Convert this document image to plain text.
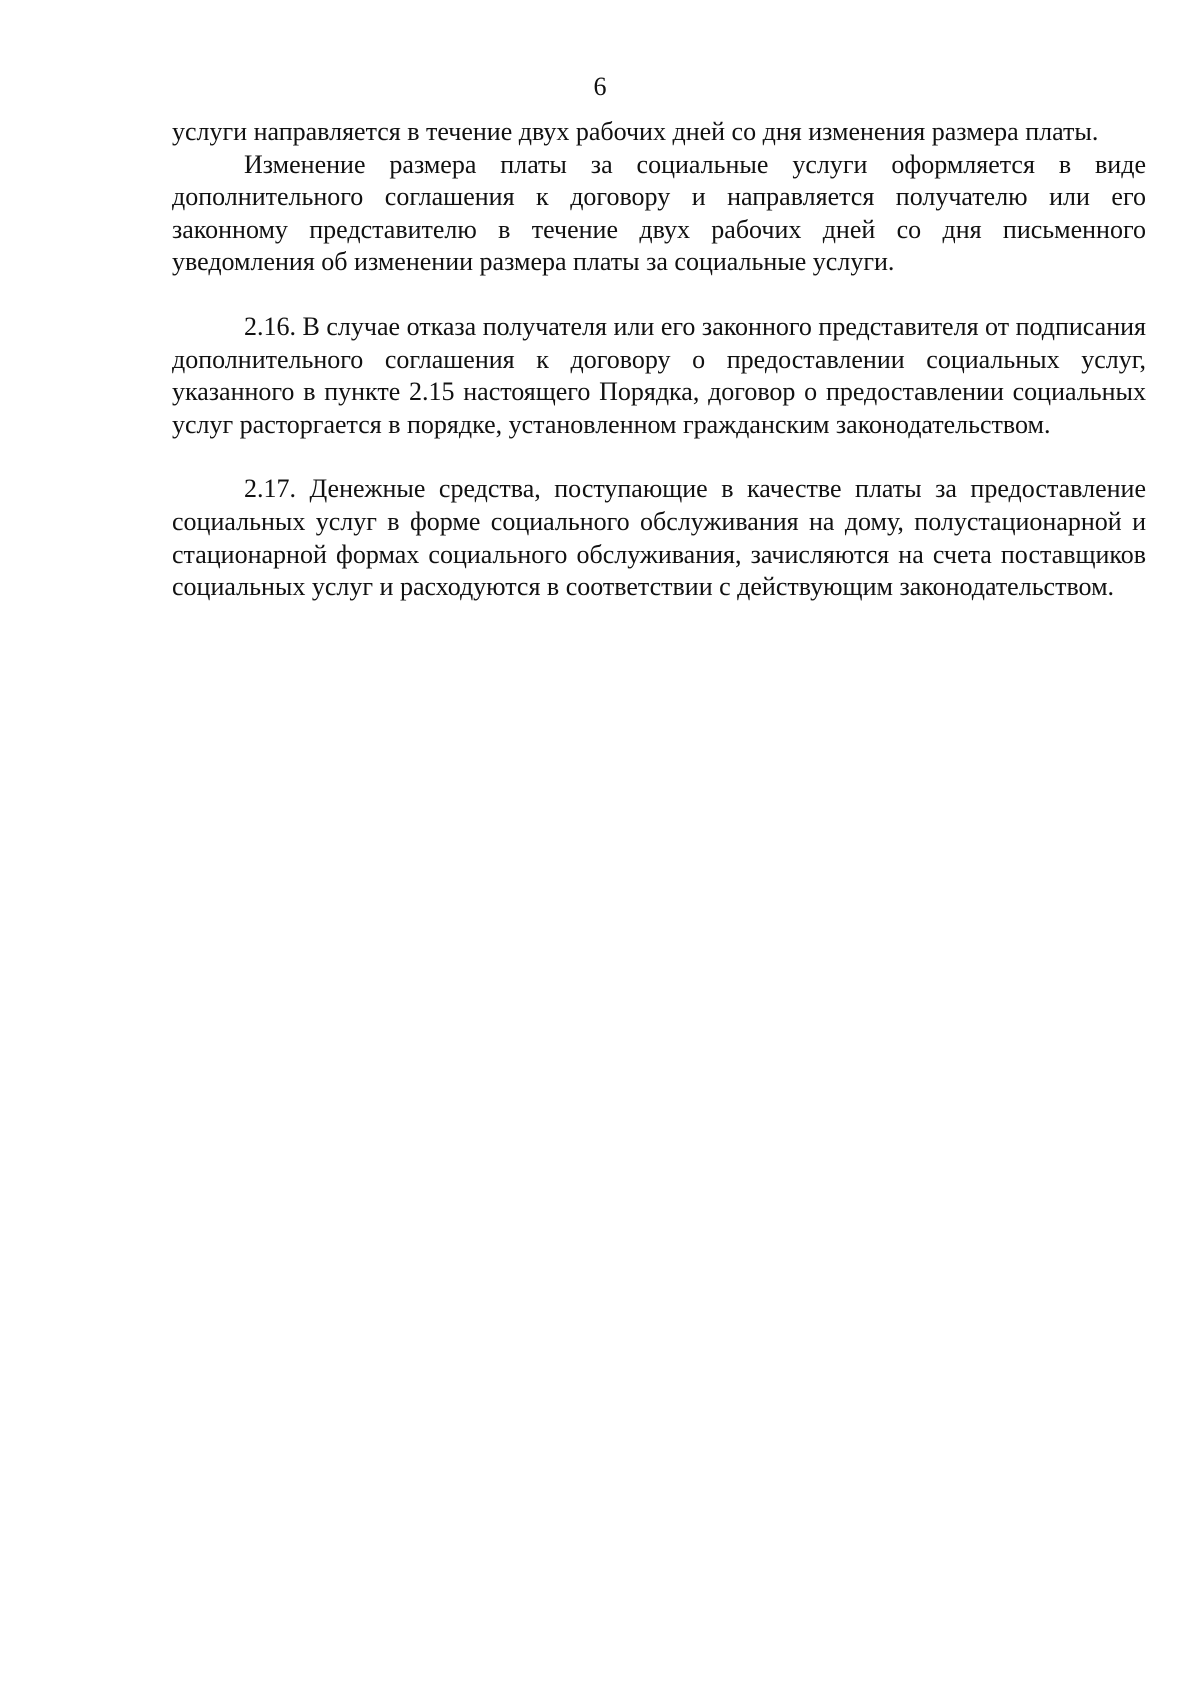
6

услуги направляется в течение двух рабочих дней со дня изменения размера платы.

Изменение размера платы за социальные услуги оформляется в виде дополнительного соглашения к договору и направляется получателю или его законному представителю в течение двух рабочих дней со дня письменного уведомления об изменении размера платы за социальные услуги.

2.16. В случае отказа получателя или его законного представителя от подписания дополнительного соглашения к договору о предоставлении социальных услуг, указанного в пункте 2.15 настоящего Порядка, договор о предоставлении социальных услуг расторгается в порядке, установленном гражданским законодательством.

2.17. Денежные средства, поступающие в качестве платы за предоставление социальных услуг в форме социального обслуживания на дому, полустационарной и стационарной формах социального обслуживания, зачисляются на счета поставщиков социальных услуг и расходуются в соответствии с действующим законодательством.
